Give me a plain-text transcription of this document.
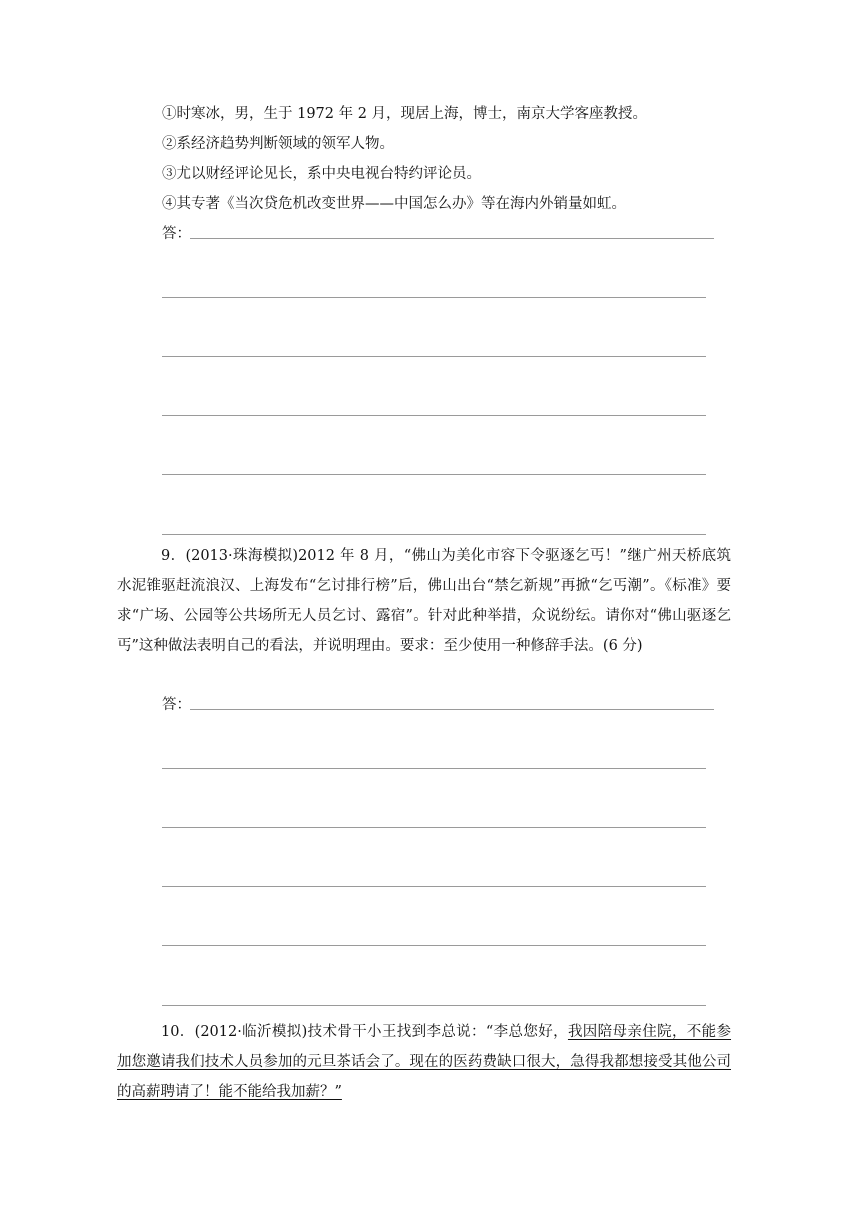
①时寒冰，男，生于 1972 年 2 月，现居上海，博士，南京大学客座教授。
②系经济趋势判断领域的领军人物。
③尤以财经评论见长，系中央电视台特约评论员。
④其专著《当次贷危机改变世界——中国怎么办》等在海内外销量如虹。
答：
9．(2013·珠海模拟)2012 年 8 月，“佛山为美化市容下令驱逐乞丐！”继广州天桥底筑水泥锥驱赶流浪汉、上海发布“乞讨排行榜”后，佛山出台“禁乞新规”再掀“乞丐潮”。《标准》要求“广场、公园等公共场所无人员乞讨、露宿”。针对此种举措，众说纷纭。请你对“佛山驱逐乞丐”这种做法表明自己的看法，并说明理由。要求：至少使用一种修辞手法。(6 分)
答：
10．(2012·临沂模拟)技术骨干小王找到李总说：“李总您好，我因陪母亲住院，不能参加您邀请我们技术人员参加的元旦茶话会了。现在的医药费缺口很大，急得我都想接受其他公司的高薪聘请了！能不能给我加薪？”
